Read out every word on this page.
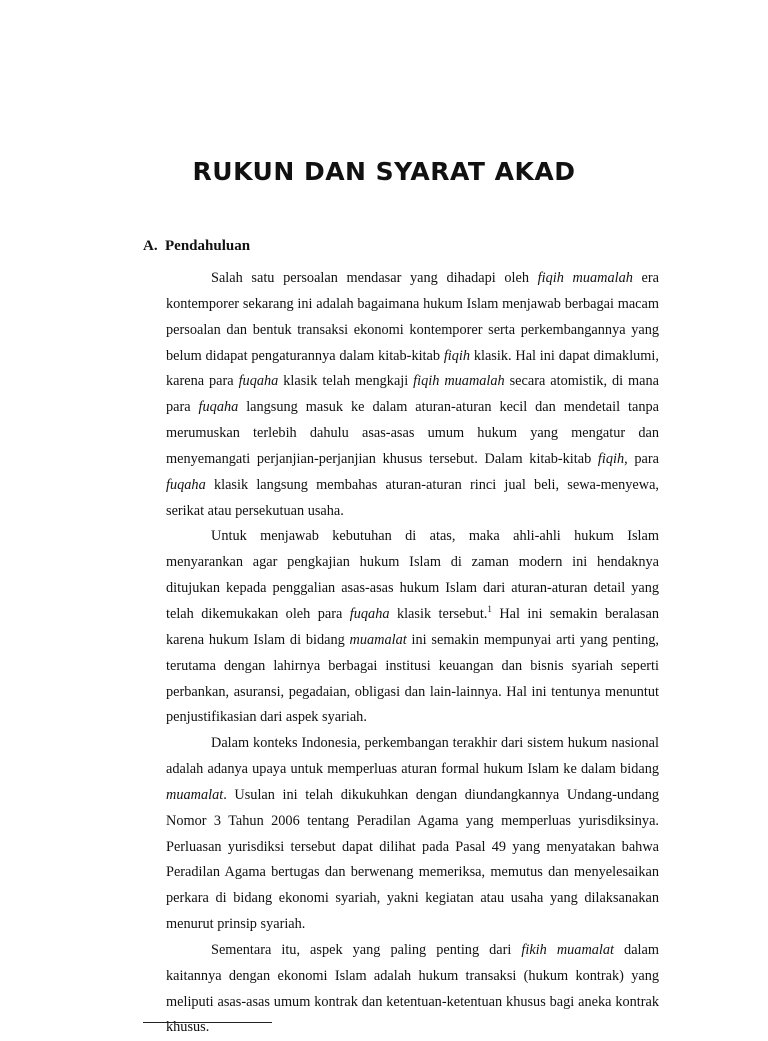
RUKUN DAN SYARAT AKAD
A. Pendahuluan

Salah satu persoalan mendasar yang dihadapi oleh fiqih muamalah era kontemporer sekarang ini adalah bagaimana hukum Islam menjawab berbagai macam persoalan dan bentuk transaksi ekonomi kontemporer serta perkembangannya yang belum didapat pengaturannya dalam kitab-kitab fiqih klasik. Hal ini dapat dimaklumi, karena para fuqaha klasik telah mengkaji fiqih muamalah secara atomistik, di mana para fuqaha langsung masuk ke dalam aturan-aturan kecil dan mendetail tanpa merumuskan terlebih dahulu asas-asas umum hukum yang mengatur dan menyemangati perjanjian-perjanjian khusus tersebut. Dalam kitab-kitab fiqih, para fuqaha klasik langsung membahas aturan-aturan rinci jual beli, sewa-menyewa, serikat atau persekutuan usaha.

Untuk menjawab kebutuhan di atas, maka ahli-ahli hukum Islam menyarankan agar pengkajian hukum Islam di zaman modern ini hendaknya ditujukan kepada penggalian asas-asas hukum Islam dari aturan-aturan detail yang telah dikemukakan oleh para fuqaha klasik tersebut.$^1$ Hal ini semakin beralasan karena hukum Islam di bidang muamalat ini semakin mempunyai arti yang penting, terutama dengan lahirnya berbagai institusi keuangan dan bisnis syariah seperti perbankan, asuransi, pegadaian, obligasi dan lain-lainnya. Hal ini tentunya menuntut penjustifikasian dari aspek syariah.

Dalam konteks Indonesia, perkembangan terakhir dari sistem hukum nasional adalah adanya upaya untuk memperluas aturan formal hukum Islam ke dalam bidang muamalat. Usulan ini telah dikukuhkan dengan diundangkannya Undang-undang Nomor 3 Tahun 2006 tentang Peradilan Agama yang memperluas yurisdiksinya. Perluasan yurisdiksi tersebut dapat dilihat pada Pasal 49 yang menyatakan bahwa Peradilan Agama bertugas dan berwenang memeriksa, memutus dan menyelesaikan perkara di bidang ekonomi syariah, yakni kegiatan atau usaha yang dilaksanakan menurut prinsip syariah.

Sementara itu, aspek yang paling penting dari fikih muamalat dalam kaitannya dengan ekonomi Islam adalah hukum transaksi (hukum kontrak) yang meliputi asas-asas umum kontrak dan ketentuan-ketentuan khusus bagi aneka kontrak khusus.
